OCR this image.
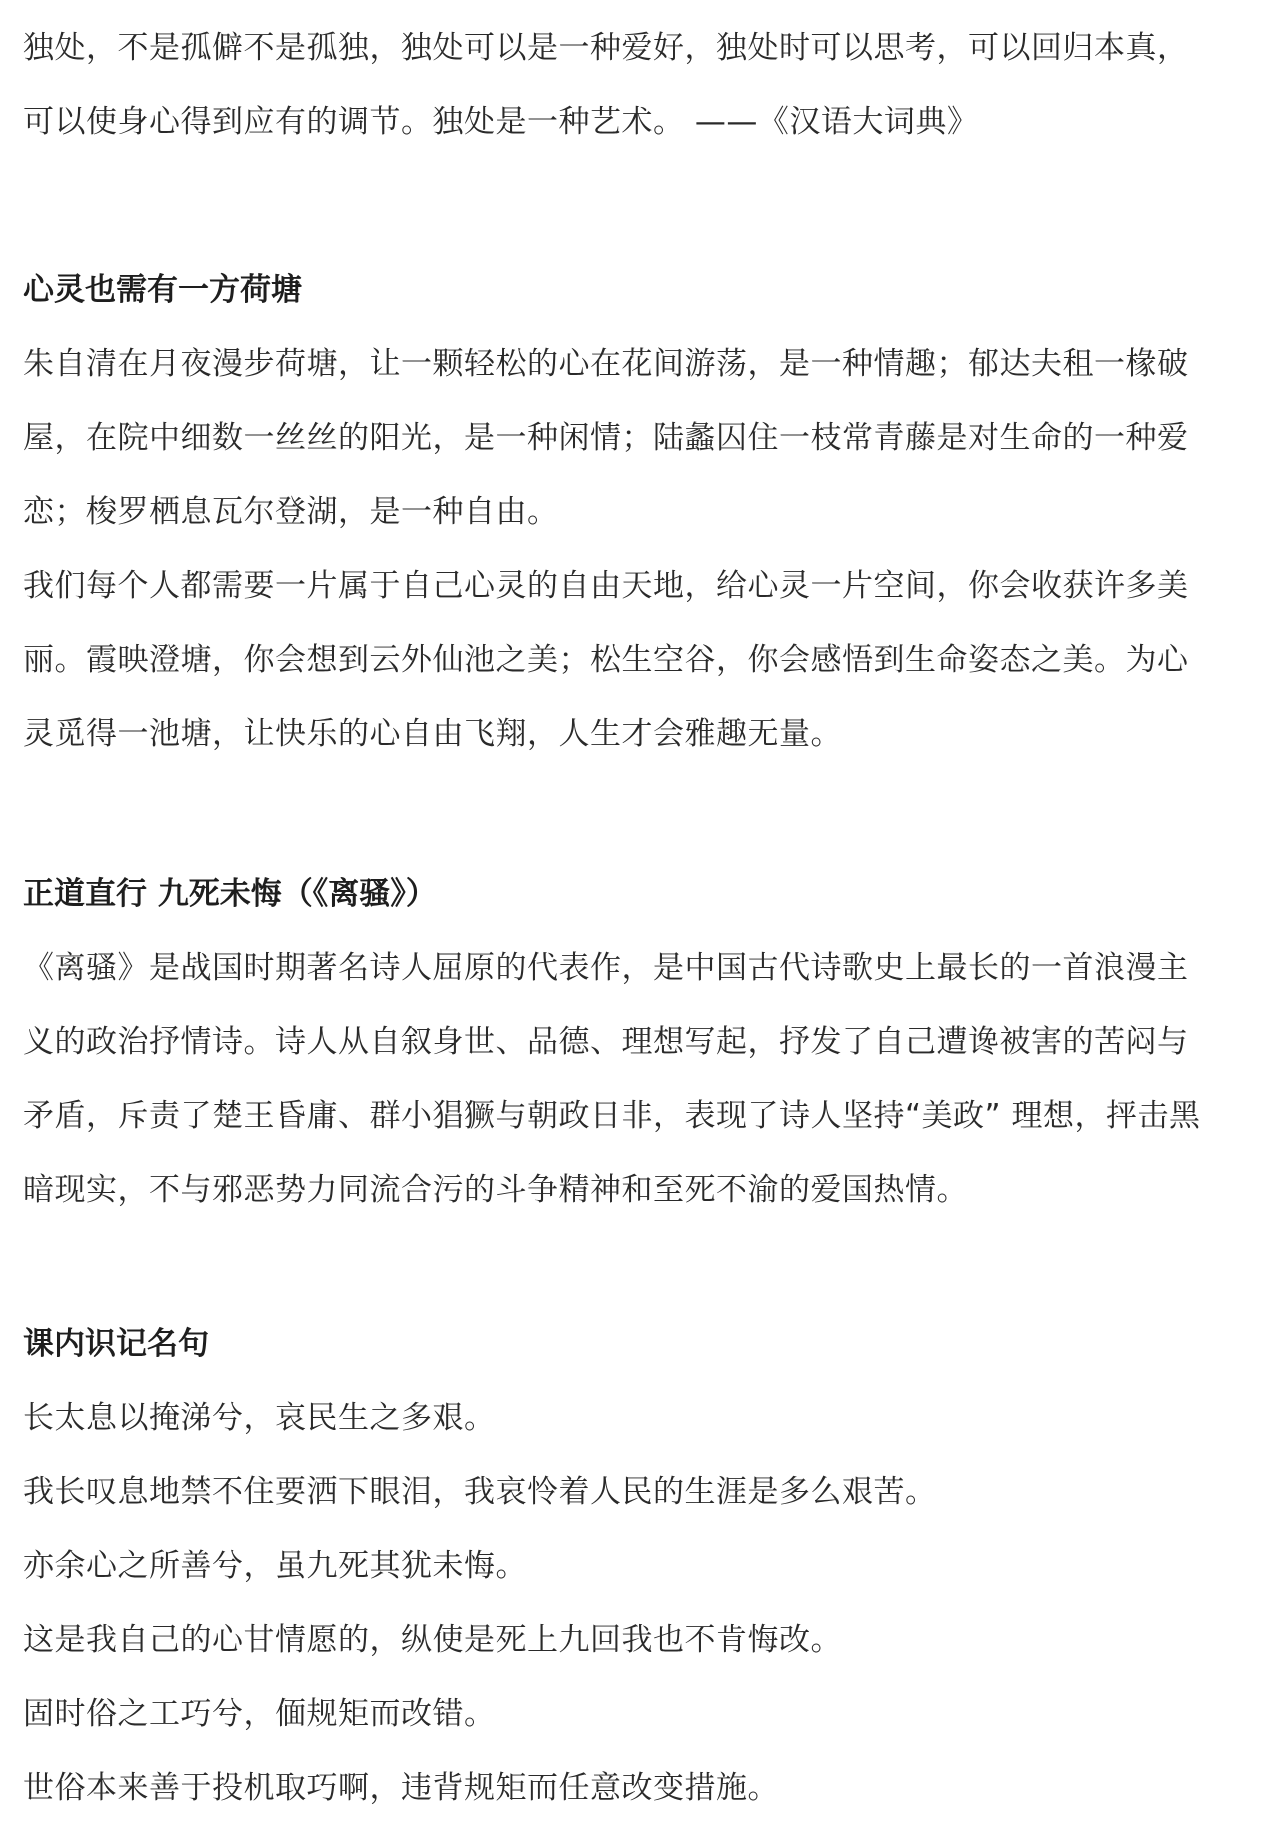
独处，不是孤僻不是孤独，独处可以是一种爱好，独处时可以思考，可以回归本真，
可以使身心得到应有的调节。独处是一种艺术。 ——《汉语大词典》
心灵也需有一方荷塘
朱自清在月夜漫步荷塘，让一颗轻松的心在花间游荡，是一种情趣；郁达夫租一椽破
屋，在院中细数一丝丝的阳光，是一种闲情；陆蠡囚住一枝常青藤是对生命的一种爱
恋；梭罗栖息瓦尔登湖，是一种自由。
我们每个人都需要一片属于自己心灵的自由天地，给心灵一片空间，你会收获许多美
丽。霞映澄塘，你会想到云外仙池之美；松生空谷，你会感悟到生命姿态之美。为心
灵觅得一池塘，让快乐的心自由飞翔，人生才会雅趣无量。
正道直行 九死未悔（《离骚》）
《离骚》是战国时期著名诗人屈原的代表作，是中国古代诗歌史上最长的一首浪漫主
义的政治抒情诗。诗人从自叙身世、品德、理想写起，抒发了自己遭谗被害的苦闷与
矛盾，斥责了楚王昏庸、群小猖獗与朝政日非，表现了诗人坚持“美政” 理想，抨击黑
暗现实，不与邪恶势力同流合污的斗争精神和至死不渝的爱国热情。
课内识记名句
长太息以掩涕兮，哀民生之多艰。
我长叹息地禁不住要洒下眼泪，我哀怜着人民的生涯是多么艰苦。
亦余心之所善兮，虽九死其犹未悔。
这是我自己的心甘情愿的，纵使是死上九回我也不肯悔改。
固时俗之工巧兮，偭规矩而改错。
世俗本来善于投机取巧啊，违背规矩而任意改变措施。
